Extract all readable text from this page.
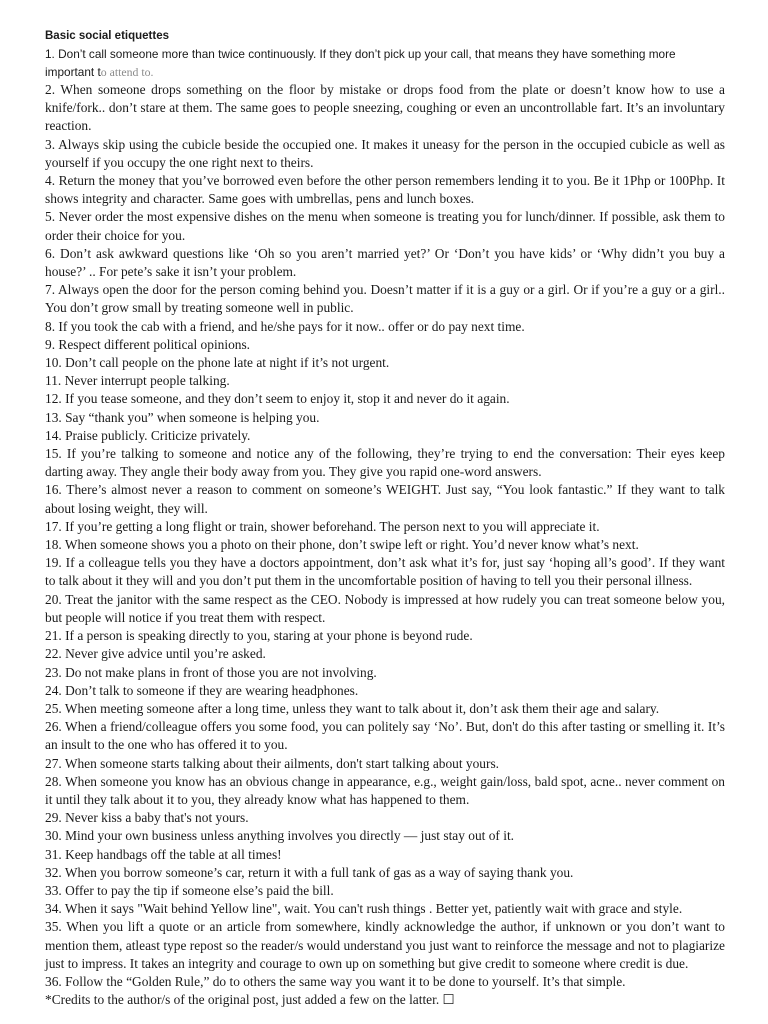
Basic social etiquettes

1. Don’t call someone more than twice continuously. If they don’t pick up your call, that means they have something more important to attend to.

2. When someone drops something on the floor by mistake or drops food from the plate or doesn’t know how to use a knife/fork.. don’t stare at them. The same goes to people sneezing, coughing or even an uncontrollable fart. It’s an involuntary reaction.

3. Always skip using the cubicle beside the occupied one. It makes it uneasy for the person in the occupied cubicle as well as yourself if you occupy the one right next to theirs.

4. Return the money that you’ve borrowed even before the other person remembers lending it to you. Be it 1Php or 100Php. It shows integrity and character. Same goes with umbrellas, pens and lunch boxes.

5. Never order the most expensive dishes on the menu when someone is treating you for lunch/dinner. If possible, ask them to order their choice for you.

6. Don’t ask awkward questions like ‘Oh so you aren’t married yet?’ Or ‘Don’t you have kids’ or ‘Why didn’t you buy a house?’ .. For pete’s sake it isn’t your problem.

7. Always open the door for the person coming behind you. Doesn’t matter if it is a guy or a girl. Or if you’re a guy or a girl.. You don’t grow small by treating someone well in public.

8. If you took the cab with a friend, and he/she pays for it now.. offer or do pay next time.

9. Respect different political opinions.

10. Don’t call people on the phone late at night if it’s not urgent.

11. Never interrupt people talking.

12. If you tease someone, and they don’t seem to enjoy it, stop it and never do it again.

13. Say “thank you” when someone is helping you.

14. Praise publicly. Criticize privately.

15. If you’re talking to someone and notice any of the following, they’re trying to end the conversation: Their eyes keep darting away. They angle their body away from you. They give you rapid one-word answers.

16. There’s almost never a reason to comment on someone’s WEIGHT. Just say, “You look fantastic.” If they want to talk about losing weight, they will.

17. If you’re getting a long flight or train, shower beforehand. The person next to you will appreciate it.

18. When someone shows you a photo on their phone, don’t swipe left or right. You’d never know what’s next.

19. If a colleague tells you they have a doctors appointment, don’t ask what it’s for, just say ‘hoping all’s good’. If they want to talk about it they will and you don’t put them in the uncomfortable position of having to tell you their personal illness.

20. Treat the janitor with the same respect as the CEO. Nobody is impressed at how rudely you can treat someone below you, but people will notice if you treat them with respect.

21. If a person is speaking directly to you, staring at your phone is beyond rude.

22. Never give advice until you’re asked.

23. Do not make plans in front of those you are not involving.

24. Don’t talk to someone if they are wearing headphones.

25. When meeting someone after a long time, unless they want to talk about it, don’t ask them their age and salary.

26. When a friend/colleague offers you some food, you can politely say ‘No’. But, don't do this after tasting or smelling it. It’s an insult to the one who has offered it to you.

27. When someone starts talking about their ailments, don't start talking about yours.

28. When someone you know has an obvious change in appearance, e.g., weight gain/loss, bald spot, acne.. never comment on it until they talk about it to you, they already know what has happened to them.

29. Never kiss a baby that's not yours.

30. Mind your own business unless anything involves you directly — just stay out of it.

31. Keep handbags off the table at all times!

32. When you borrow someone’s car, return it with a full tank of gas as a way of saying thank you.

33. Offer to pay the tip if someone else’s paid the bill.

34. When it says "Wait behind Yellow line", wait. You can't rush things . Better yet, patiently wait with grace and style.

35. When you lift a quote or an article from somewhere, kindly acknowledge the author, if unknown or you don’t want to mention them, atleast type repost so the reader/s would understand you just want to reinforce the message and not to plagiarize just to impress. It takes an integrity and courage to own up on something but give credit to someone where credit is due.

36. Follow the “Golden Rule,” do to others the same way you want it to be done to yourself. It’s that simple.

*Credits to the author/s of the original post, just added a few on the latter. ☐
